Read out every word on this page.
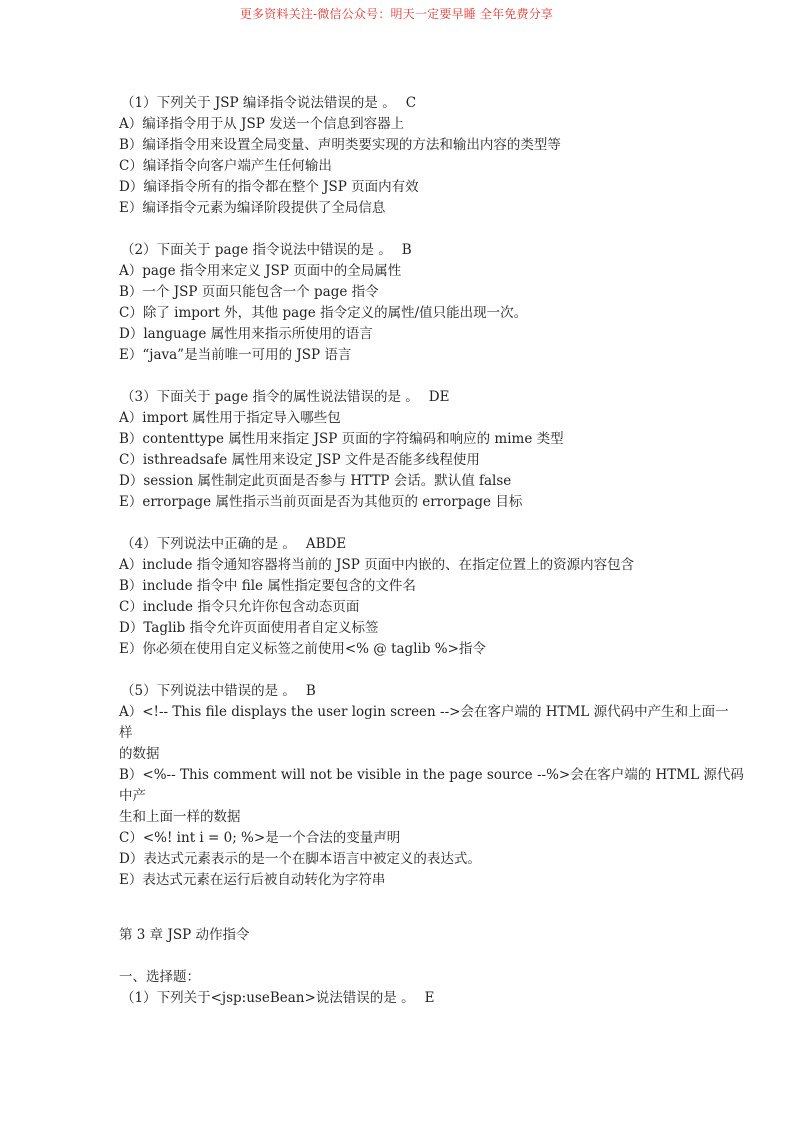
更多资料关注-微信公众号：明天一定要早睡 全年免费分享
（1）下列关于 JSP 编译指令说法错误的是 。 C
A）编译指令用于从 JSP 发送一个信息到容器上
B）编译指令用来设置全局变量、声明类要实现的方法和输出内容的类型等
C）编译指令向客户端产生任何输出
D）编译指令所有的指令都在整个 JSP 页面内有效
E）编译指令元素为编译阶段提供了全局信息
（2）下面关于 page 指令说法中错误的是 。 B
A）page 指令用来定义 JSP 页面中的全局属性
B）一个 JSP 页面只能包含一个 page 指令
C）除了 import 外，其他 page 指令定义的属性/值只能出现一次。
D）language 属性用来指示所使用的语言
E）“java”是当前唯一可用的 JSP 语言
（3）下面关于 page 指令的属性说法错误的是 。 DE
A）import 属性用于指定导入哪些包
B）contenttype 属性用来指定 JSP 页面的字符编码和响应的 mime 类型
C）isthreadsafe 属性用来设定 JSP 文件是否能多线程使用
D）session 属性制定此页面是否参与 HTTP 会话。默认值 false
E）errorpage 属性指示当前页面是否为其他页的 errorpage 目标
（4）下列说法中正确的是 。 ABDE
A）include 指令通知容器将当前的 JSP 页面中内嵌的、在指定位置上的资源内容包含
B）include 指令中 file 属性指定要包含的文件名
C）include 指令只允许你包含动态页面
D）Taglib 指令允许页面使用者自定义标签
E）你必须在使用自定义标签之前使用<% @ taglib %>指令
（5）下列说法中错误的是 。 B
A）<!-- This file displays the user login screen -->会在客户端的 HTML 源代码中产生和上面一
样
的数据
B）<%-- This comment will not be visible in the page source --%>会在客户端的 HTML 源代码
中产
生和上面一样的数据
C）<%! int i = 0; %>是一个合法的变量声明
D）表达式元素表示的是一个在脚本语言中被定义的表达式。
E）表达式元素在运行后被自动转化为字符串
第 3 章 JSP 动作指令
一、选择题：
（1）下列关于<jsp:useBean>说法错误的是 。 E
